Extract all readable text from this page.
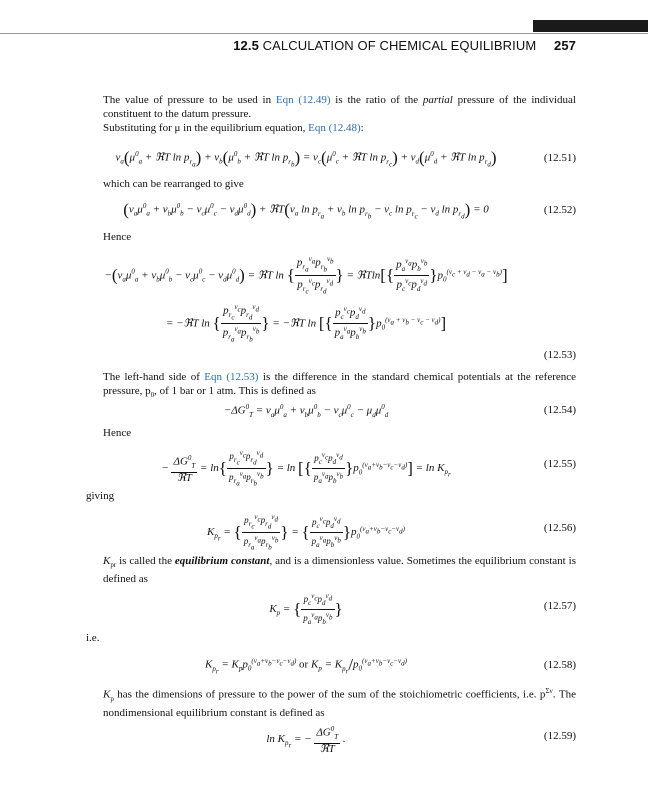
12.5 CALCULATION OF CHEMICAL EQUILIBRIUM 257
The value of pressure to be used in Eqn (12.49) is the ratio of the partial pressure of the individual constituent to the datum pressure.
Substituting for μ in the equilibrium equation, Eqn (12.48):
$\nu_a(\mu^0_a$ + ℜT $\ln p_{r_a}) + \nu_b(\mu^0_b$ + ℜT $\ln p_{r_b}) = \nu_c(\mu^0_c$ + ℜT $\ln p_{r_c}) + \nu_d(\mu^0_d$ + ℜT $\ln p_{r_d}$)	(12.51)
which can be rearranged to give
$(\nu_a\mu^0_a + \nu_b\mu^0_b - \nu_c\mu^0_c - \nu_d\mu^0_d)$ + $ℜT(\nu_a$ $\ln p_{r_a} + \nu_b$ $\ln p_{r_b} - \nu_c$ $\ln p_{r_c} - \nu_d$ $\ln p_{r_d}) = 0$	(12.52)
Hence
$-(\nu_a\mu^0_a + \nu_b\mu^0_b - \nu_c\mu^0_c - \nu_d\mu^0_d)$ = ℜT ln { $\frac{p_{r_a}^{\nu_a}p_{r_b}^{\nu_b}}{p_{r_c}^{\nu_c}p_{r_d}^{\nu_d}}$ } = ℜTln[{ $\frac{p_a^{\nu_a}p_b^{\nu_b}}{p_c^{\nu_c}p_d^{\nu_d}} \}p_0^{(\nu_c + \nu_d - \nu_a - \nu_b)}$]
= −ℜT ln { $\frac{p_{r_c}^{\nu_c}p_{r_d}^{\nu_d}}{p_{r_a}^{\nu_a}p_{r_b}^{\nu_b}}$ } = −ℜT ln [{ $\frac{p_c^{\nu_c}p_d^{\nu_d}}{p_a^{\nu_a}p_b^{\nu_b}} \}p_0^{(\nu_a + \nu_b - \nu_c - \nu_d)}$]
(12.53)
The left-hand side of Eqn (12.53) is the difference in the standard chemical potentials at the reference pressure, $p_0$, of 1 bar or 1 atm. This is defined as
$-\Delta G^0_T = \nu_a\mu^0_a + \nu_b\mu^0_b - \nu_c\mu^0_c - \mu_d\mu^0_d$	(12.54)
Hence
− $\frac{\Delta G^0_T}{\text{ℜT}} = \ln\{ \frac{p_{r_c}^{\nu_c}p_{r_d}^{\nu_d}}{p_{r_a}^{\nu_a}p_{r_b}^{\nu_b}}$ } = ln [{ $\frac{p_c^{\nu_c}p_d^{\nu_d}}{p_a^{\nu_a}p_b^{\nu_b}} \}p_0^{(\nu_a+\nu_b-\nu_c-\nu_d)}] = \ln K_{p_r}$
(12.55)
giving
$K_{p_r}$ = { $\frac{p_{r_c}^{\nu_c}p_{r_d}^{\nu_d}}{p_{r_a}^{\nu_a}p_{r_b}^{\nu_b}}$ } = { $\frac{p_c^{\nu_c}p_d^{\nu_d}}{p_a^{\nu_a}p_b^{\nu_b}} \}p_0^{(\nu_a+\nu_b-\nu_c-\nu_d)}$	(12.56)
$K_{pr}$ is called the equilibrium constant, and is a dimensionless value. Sometimes the equilibrium constant is defined as
$K_p$ = { $\frac{p_c^{\nu_c}p_d^{\nu_d}}{p_a^{\nu_a}p_b^{\nu_b}}$ }	(12.57)
i.e.
$K_{p_r} = K_pp_0^{(\nu_a+\nu_b-\nu_c-\nu_d)}$ or $K_p = K_{p_r}/p_0^{(\nu_a+\nu_b-\nu_c-\nu_d)}$	(12.58)
$K_p$ has the dimensions of pressure to the power of the sum of the stoichiometric coefficients, i.e. $p^{\Sigma\nu}$. The nondimensional equilibrium constant is defined as
$\ln K_{p_r}$ = − $\frac{\Delta G^0_T}{\text{ℜT}}$ .	(12.59)
